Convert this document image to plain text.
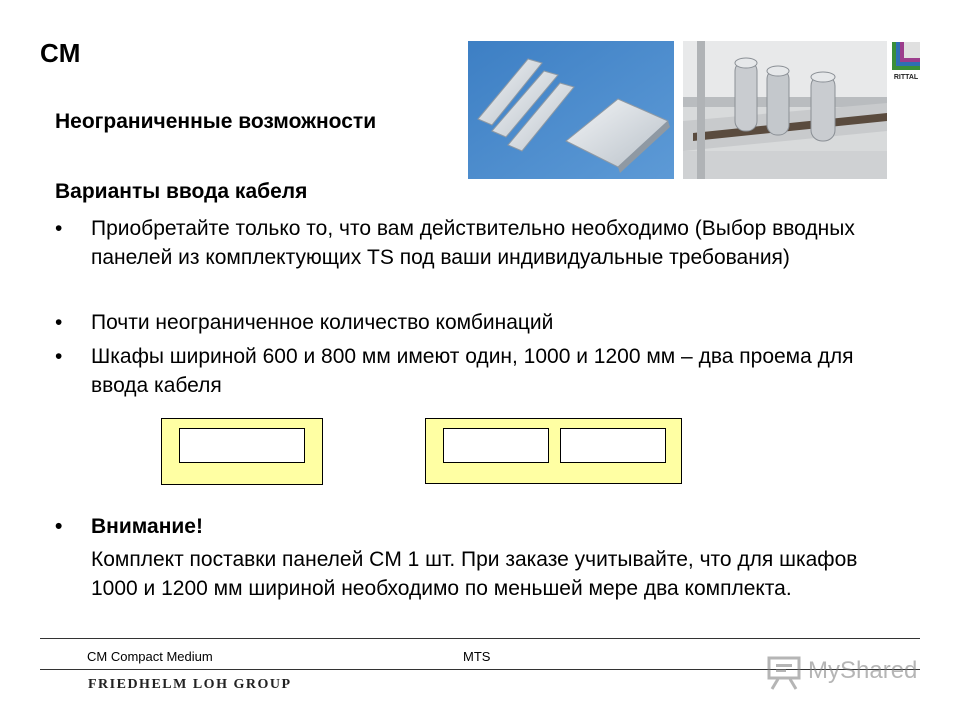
CM
Неограниченные возможности
RITTAL
Варианты ввода кабеля
•	Приобретайте только то, что вам действительно необходимо (Выбор вводных панелей из комплектующих TS под ваши индивидуальные требования)
•	Почти неограниченное количество комбинаций
•	Шкафы шириной 600 и 800 мм имеют один, 1000 и 1200 мм – два проема для ввода кабеля
•	Внимание!
Комплект поставки панелей CM 1 шт. При заказе учитывайте, что для шкафов 1000 и 1200 мм шириной необходимо по меньшей мере два комплекта.
CM Compact Medium	MTS
FRIEDHELM LOH GROUP
MyShared
